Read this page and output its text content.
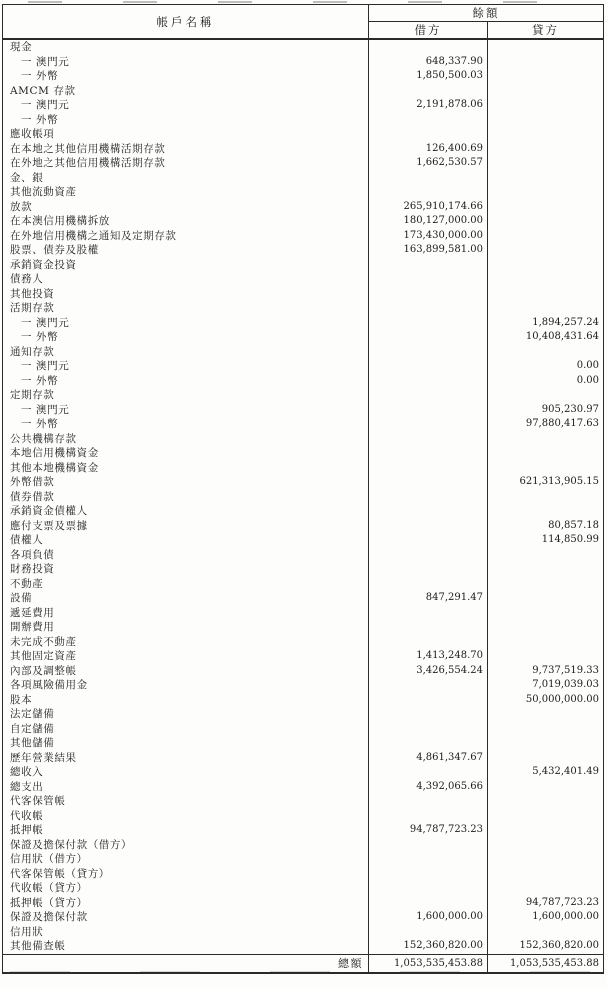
帳戶名稱	餘額	
	借方	貸方
現金		
一 澳門元	648,337.90	
一 外幣	1,850,500.03	
AMCM 存款		
一 澳門元	2,191,878.06	
一 外幣		
應收帳項		
在本地之其他信用機構活期存款	126,400.69	
在外地之其他信用機構活期存款	1,662,530.57	
金、銀		
其他流動資產		
放款	265,910,174.66	
在本澳信用機構拆放	180,127,000.00	
在外地信用機構之通知及定期存款	173,430,000.00	
股票、債券及股權	163,899,581.00	
承銷資金投資		
債務人		
其他投資		
活期存款		
一 澳門元		1,894,257.24
一 外幣		10,408,431.64
通知存款		
一 澳門元		0.00
一 外幣		0.00
定期存款		
一 澳門元		905,230.97
一 外幣		97,880,417.63
公共機構存款		
本地信用機構資金		
其他本地機構資金		
外幣借款		621,313,905.15
債券借款		
承銷資金債權人		
應付支票及票據		80,857.18
債權人		114,850.99
各項負債		
財務投資		
不動產		
設備	847,291.47	
遞延費用		
開辦費用		
未完成不動產		
其他固定資產	1,413,248.70	
內部及調整帳	3,426,554.24	9,737,519.33
各項風險備用金		7,019,039.03
股本		50,000,000.00
法定儲備		
自定儲備		
其他儲備		
歷年營業結果	4,861,347.67	
總收入		5,432,401.49
總支出	4,392,065.66	
代客保管帳		
代收帳		
抵押帳	94,787,723.23	
保證及擔保付款（借方）		
信用狀（借方）		
代客保管帳（貸方）		
代收帳（貸方）		
抵押帳（貸方）		94,787,723.23
保證及擔保付款	1,600,000.00	1,600,000.00
信用狀		
其他備查帳	152,360,820.00	152,360,820.00
總額	1,053,535,453.88	1,053,535,453.88
